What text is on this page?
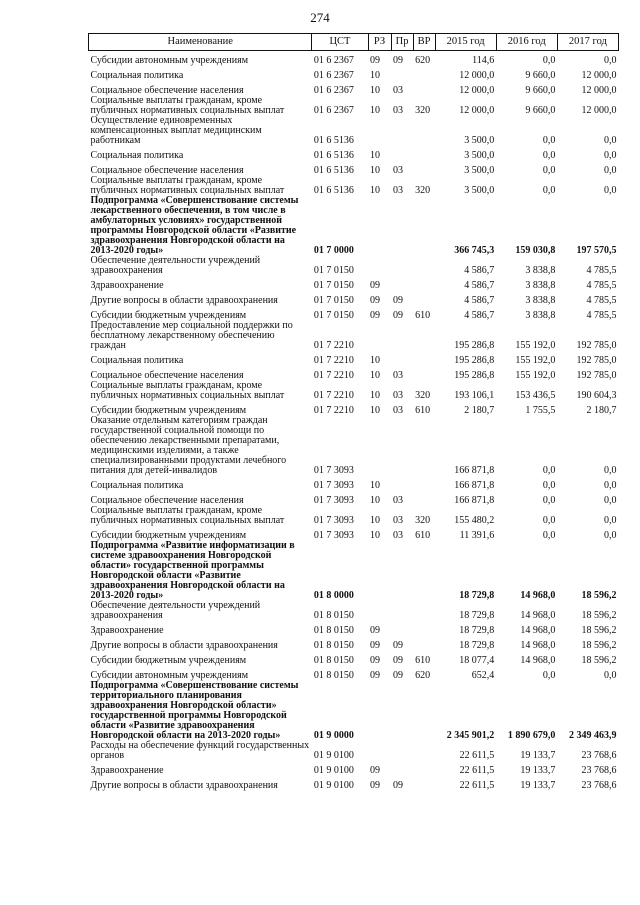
274
Наименование	ЦСТ	РЗ	Пр	ВР	2015 год	2016 год	2017 год
Субсидии автономным учреждениям	01 6 2367	09	09	620	114,6	0,0	0,0
Социальная политика	01 6 2367	10			12 000,0	9 660,0	12 000,0
Социальное обеспечение населения	01 6 2367	10	03		12 000,0	9 660,0	12 000,0
Социальные выплаты гражданам, кроме публичных нормативных социальных выплат	01 6 2367	10	03	320	12 000,0	9 660,0	12 000,0
Осуществление единовременных компенсационных выплат медицинским работникам	01 6 5136				3 500,0	0,0	0,0
Социальная политика	01 6 5136	10			3 500,0	0,0	0,0
Социальное обеспечение населения	01 6 5136	10	03		3 500,0	0,0	0,0
Социальные выплаты гражданам, кроме публичных нормативных социальных выплат	01 6 5136	10	03	320	3 500,0	0,0	0,0
Подпрограмма «Совершенствование системы лекарственного обеспечения, в том числе в амбулаторных условиях» государственной программы Новгородской области «Развитие здравоохранения Новгородской области на 2013-2020 годы»	01 7 0000				366 745,3	159 030,8	197 570,5
Обеспечение деятельности учреждений здравоохранения	01 7 0150				4 586,7	3 838,8	4 785,5
Здравоохранение	01 7 0150	09			4 586,7	3 838,8	4 785,5
Другие вопросы в области здравоохранения	01 7 0150	09	09		4 586,7	3 838,8	4 785,5
Субсидии бюджетным учреждениям	01 7 0150	09	09	610	4 586,7	3 838,8	4 785,5
Предоставление мер социальной поддержки по бесплатному лекарственному обеспечению граждан	01 7 2210				195 286,8	155 192,0	192 785,0
Социальная политика	01 7 2210	10			195 286,8	155 192,0	192 785,0
Социальное обеспечение населения	01 7 2210	10	03		195 286,8	155 192,0	192 785,0
Социальные выплаты гражданам, кроме публичных нормативных социальных выплат	01 7 2210	10	03	320	193 106,1	153 436,5	190 604,3
Субсидии бюджетным учреждениям	01 7 2210	10	03	610	2 180,7	1 755,5	2 180,7
Оказание отдельным категориям граждан государственной социальной помощи по обеспечению лекарственными препаратами, медицинскими изделиями, а также специализированными продуктами лечебного питания для детей-инвалидов	01 7 3093				166 871,8	0,0	0,0
Социальная политика	01 7 3093	10			166 871,8	0,0	0,0
Социальное обеспечение населения	01 7 3093	10	03		166 871,8	0,0	0,0
Социальные выплаты гражданам, кроме публичных нормативных социальных выплат	01 7 3093	10	03	320	155 480,2	0,0	0,0
Субсидии бюджетным учреждениям	01 7 3093	10	03	610	11 391,6	0,0	0,0
Подпрограмма «Развитие информатизации в системе здравоохранения Новгородской области» государственной программы Новгородской области «Развитие здравоохранения Новгородской области на 2013-2020 годы»	01 8 0000				18 729,8	14 968,0	18 596,2
Обеспечение деятельности учреждений здравоохранения	01 8 0150				18 729,8	14 968,0	18 596,2
Здравоохранение	01 8 0150	09			18 729,8	14 968,0	18 596,2
Другие вопросы в области здравоохранения	01 8 0150	09	09		18 729,8	14 968,0	18 596,2
Субсидии бюджетным учреждениям	01 8 0150	09	09	610	18 077,4	14 968,0	18 596,2
Субсидии автономным учреждениям	01 8 0150	09	09	620	652,4	0,0	0,0
Подпрограмма «Совершенствование системы территориального планирования здравоохранения Новгородской области» государственной программы Новгородской области «Развитие здравоохранения Новгородской области на 2013-2020 годы»	01 9 0000				2 345 901,2	1 890 679,0	2 349 463,9
Расходы на обеспечение функций государственных органов	01 9 0100				22 611,5	19 133,7	23 768,6
Здравоохранение	01 9 0100	09			22 611,5	19 133,7	23 768,6
Другие вопросы в области здравоохранения	01 9 0100	09	09		22 611,5	19 133,7	23 768,6
